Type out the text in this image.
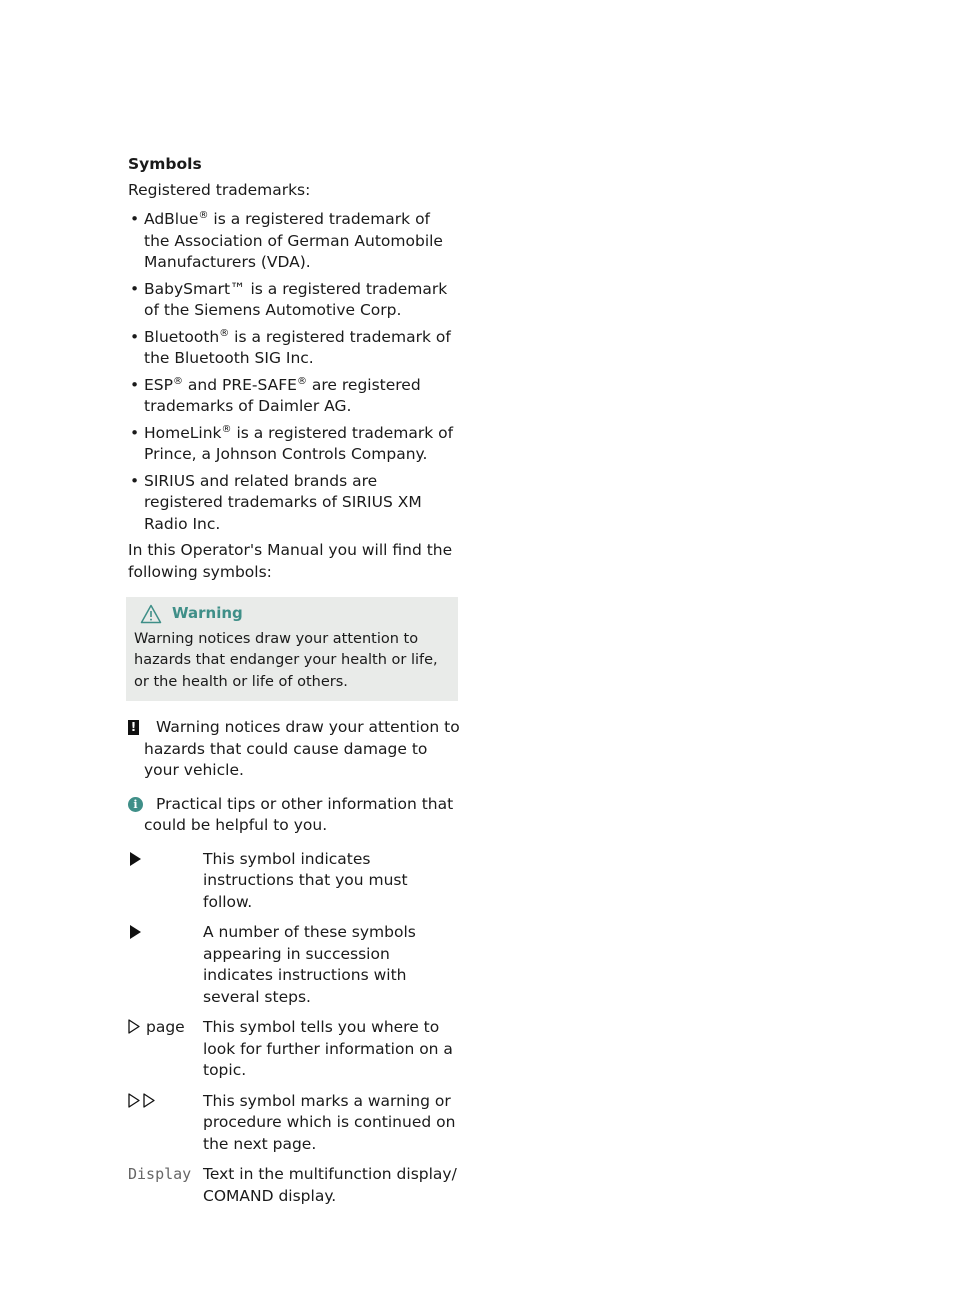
Symbols
Registered trademarks:
• AdBlue® is a registered trademark of the Association of German Automobile Manufacturers (VDA).
• BabySmart™ is a registered trademark of the Siemens Automotive Corp.
• Bluetooth® is a registered trademark of the Bluetooth SIG Inc.
• ESP® and PRE-SAFE® are registered trademarks of Daimler AG.
• HomeLink® is a registered trademark of Prince, a Johnson Controls Company.
• SIRIUS and related brands are registered trademarks of SIRIUS XM Radio Inc.
In this Operator's Manual you will find the following symbols:
Warning
Warning notices draw your attention to hazards that endanger your health or life, or the health or life of others.
! Warning notices draw your attention to hazards that could cause damage to your vehicle.
i	Practical tips or other information that could be helpful to you.
	This symbol indicates instructions that you must follow.
	A number of these symbols appearing in succession indicates instructions with several steps.
page	This symbol tells you where to look for further information on a topic.
	This symbol marks a warning or procedure which is continued on the next page.
Display	Text in the multifunction display/ COMAND display.
